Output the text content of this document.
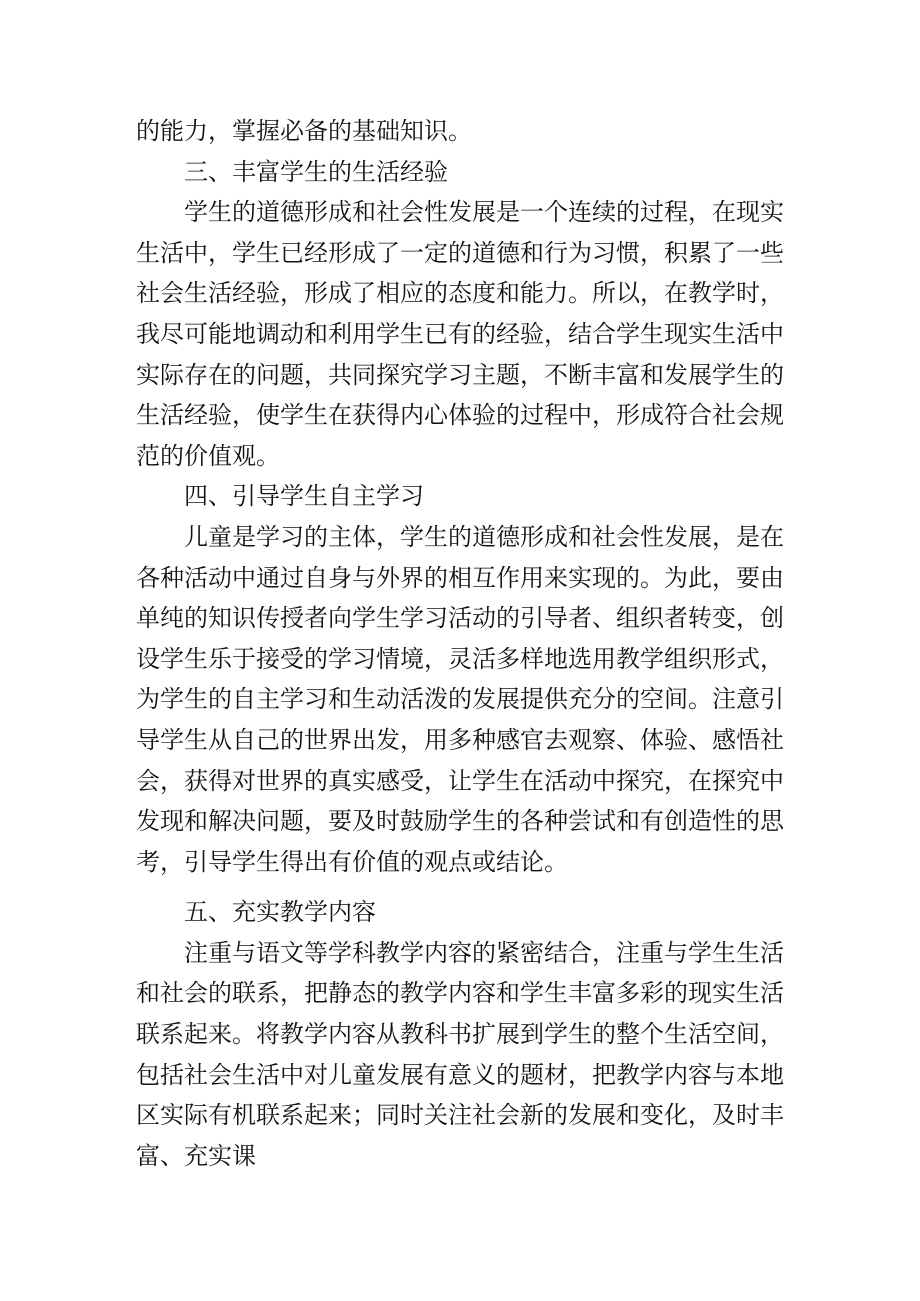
的能力，掌握必备的基础知识。

三、丰富学生的生活经验

学生的道德形成和社会性发展是一个连续的过程，在现实生活中，学生已经形成了一定的道德和行为习惯，积累了一些社会生活经验，形成了相应的态度和能力。所以，在教学时，我尽可能地调动和利用学生已有的经验，结合学生现实生活中实际存在的问题，共同探究学习主题，不断丰富和发展学生的生活经验，使学生在获得内心体验的过程中，形成符合社会规范的价值观。

四、引导学生自主学习

儿童是学习的主体，学生的道德形成和社会性发展，是在各种活动中通过自身与外界的相互作用来实现的。为此，要由单纯的知识传授者向学生学习活动的引导者、组织者转变，创设学生乐于接受的学习情境，灵活多样地选用教学组织形式，为学生的自主学习和生动活泼的发展提供充分的空间。注意引导学生从自己的世界出发，用多种感官去观察、体验、感悟社会，获得对世界的真实感受，让学生在活动中探究，在探究中发现和解决问题，要及时鼓励学生的各种尝试和有创造性的思考，引导学生得出有价值的观点或结论。

五、充实教学内容

注重与语文等学科教学内容的紧密结合，注重与学生生活和社会的联系，把静态的教学内容和学生丰富多彩的现实生活联系起来。将教学内容从教科书扩展到学生的整个生活空间，包括社会生活中对儿童发展有意义的题材，把教学内容与本地区实际有机联系起来；同时关注社会新的发展和变化，及时丰富、充实课
